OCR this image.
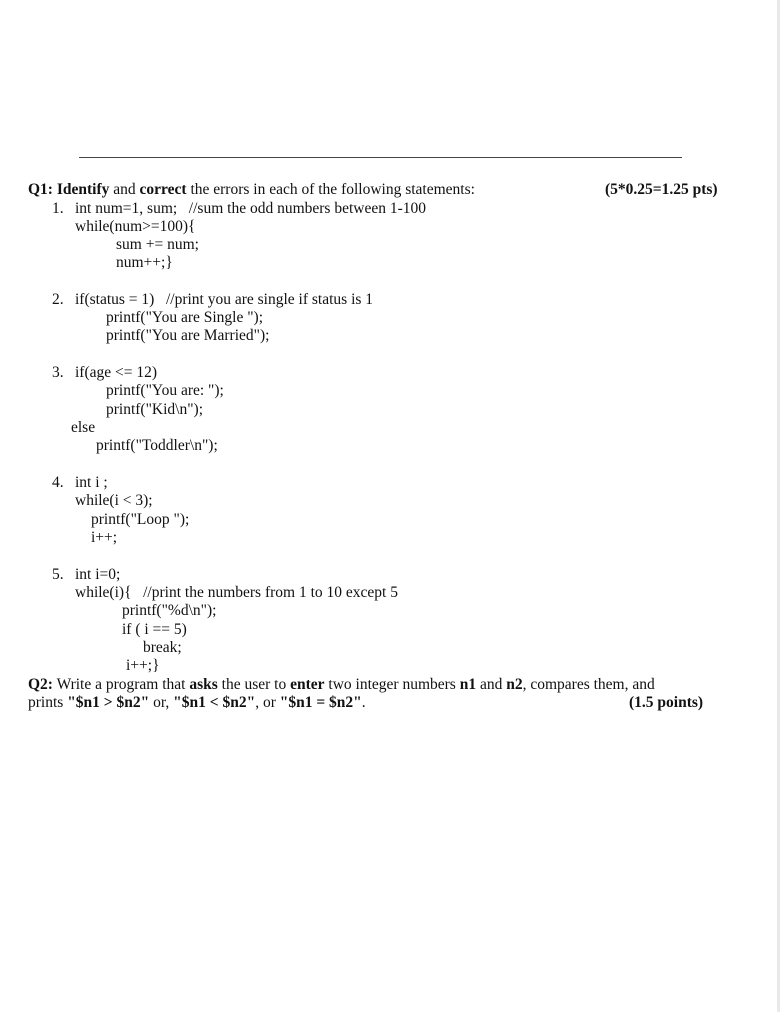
Q1: Identify and correct the errors in each of the following statements:	(5*0.25=1.25 pts)
1. int num=1, sum;   //sum the odd numbers between 1-100
while(num>=100){
sum += num;
num++;}
2. if(status = 1)   //print you are single if status is 1
printf("You are Single ");
printf("You are Married");
3. if(age <= 12)
printf("You are: ");
printf("Kid\n");
else
printf("Toddler\n");
4. int i ;
while(i < 3);
printf("Loop ");
i++;
5. int i=0;
while(i){   //print the numbers from 1 to 10 except 5
printf("%d\n");
if ( i == 5)
break;
i++;}
Q2: Write a program that asks the user to enter two integer numbers n1 and n2, compares them, and
prints "$n1 > $n2" or, "$n1 < $n2", or "$n1 = $n2".	(1.5 points)
